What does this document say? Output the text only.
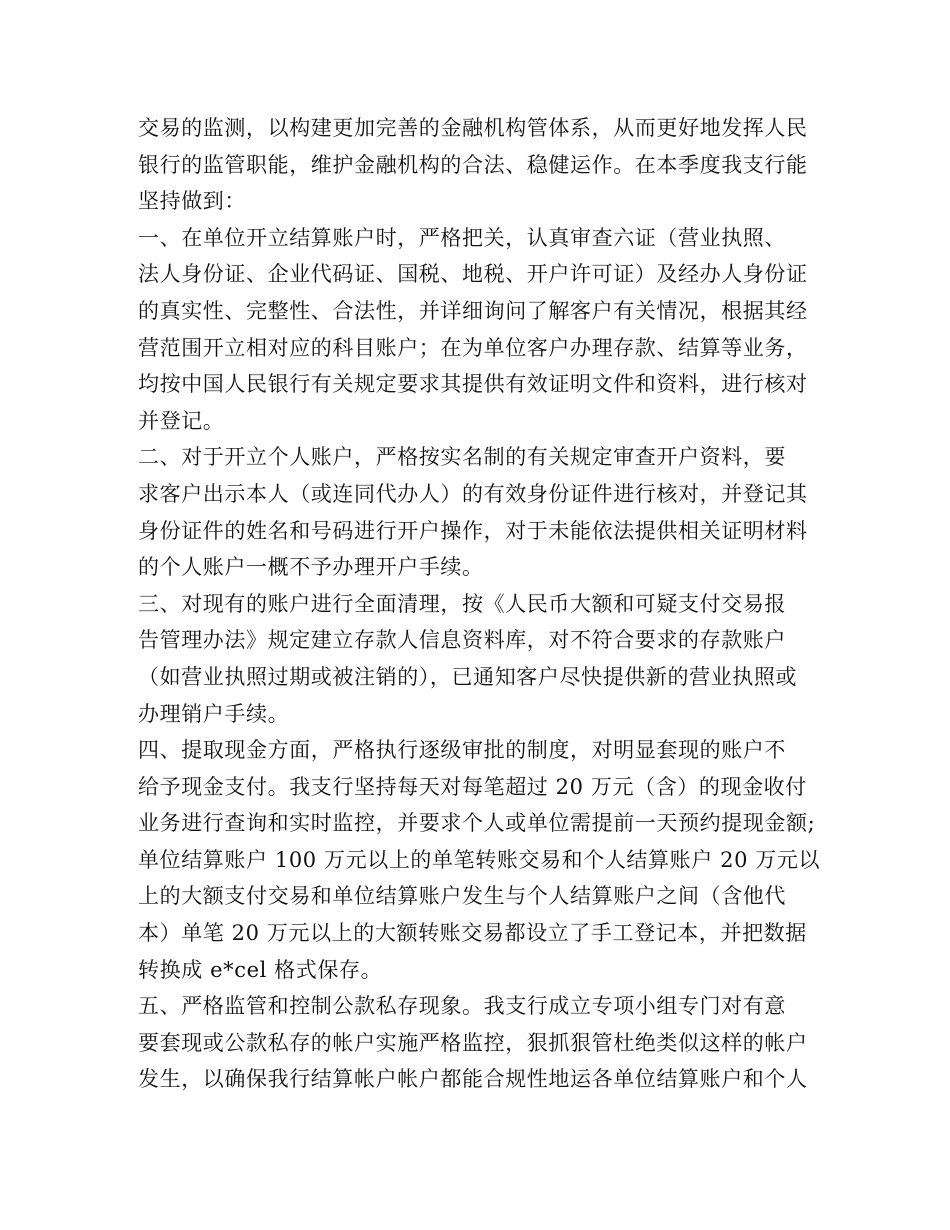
交易的监测，以构建更加完善的金融机构管体系，从而更好地发挥人民
银行的监管职能，维护金融机构的合法、稳健运作。在本季度我支行能
坚持做到：
一、在单位开立结算账户时，严格把关，认真审查六证（营业执照、
法人身份证、企业代码证、国税、地税、开户许可证）及经办人身份证
的真实性、完整性、合法性，并详细询问了解客户有关情况，根据其经
营范围开立相对应的科目账户；在为单位客户办理存款、结算等业务，
均按中国人民银行有关规定要求其提供有效证明文件和资料，进行核对
并登记。
二、对于开立个人账户，严格按实名制的有关规定审查开户资料，要
求客户出示本人（或连同代办人）的有效身份证件进行核对，并登记其
身份证件的姓名和号码进行开户操作，对于未能依法提供相关证明材料
的个人账户一概不予办理开户手续。
三、对现有的账户进行全面清理，按《人民币大额和可疑支付交易报
告管理办法》规定建立存款人信息资料库，对不符合要求的存款账户
（如营业执照过期或被注销的），已通知客户尽快提供新的营业执照或
办理销户手续。
四、提取现金方面，严格执行逐级审批的制度，对明显套现的账户不
给予现金支付。我支行坚持每天对每笔超过 20 万元（含）的现金收付
业务进行查询和实时监控，并要求个人或单位需提前一天预约提现金额;
单位结算账户 100 万元以上的单笔转账交易和个人结算账户 20 万元以
上的大额支付交易和单位结算账户发生与个人结算账户之间（含他代
本）单笔 20 万元以上的大额转账交易都设立了手工登记本，并把数据
转换成 e*cel 格式保存。
五、严格监管和控制公款私存现象。我支行成立专项小组专门对有意
要套现或公款私存的帐户实施严格监控，狠抓狠管杜绝类似这样的帐户
发生，以确保我行结算帐户帐户都能合规性地运各单位结算账户和个人
